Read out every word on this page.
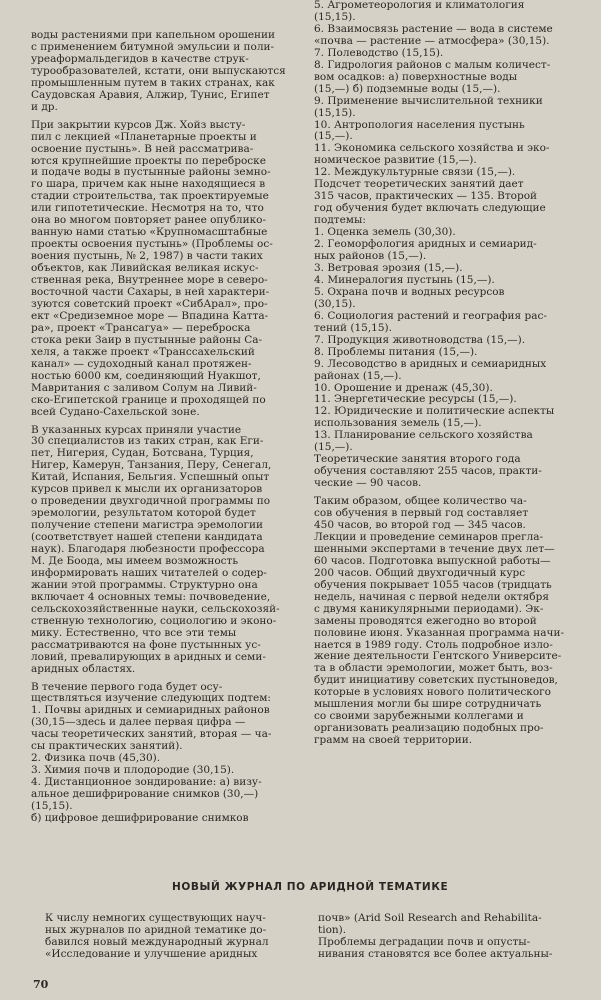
воды растениями при капельном орошении

с применением битумной эмульсии и поли-

уреаформальдегидов в качестве струк-

турообразователей, кстати, они выпускаются

промышленным путем в таких странах, как

Саудовская Аравия, Алжир, Тунис, Египет

и др.

При закрытии курсов Дж. Хойз высту-

пил с лекцией «Планетарные проекты и

освоение пустынь». В ней рассматрива-

ются крупнейшие проекты по переброске

и подаче воды в пустынные районы земно-

го шара, причем как ныне находящиеся в

стадии строительства, так проектируемые

или гипотетические. Несмотря на то, что

она во многом повторяет ранее опублико-

ванную нами статью «Крупномасштабные

проекты освоения пустынь» (Проблемы ос-

воения пустынь, № 2, 1987) в части таких

объектов, как Ливийская великая искус-

ственная река, Внутреннее море в северо-

восточной части Сахары, в ней характери-

зуются советский проект «СибАрал», про-

ект «Средиземное море — Впадина Катта-

ра», проект «Трансагуа» — переброска

стока реки Заир в пустынные районы Са-

хеля, а также проект «Транссахельский

канал» — судоходный канал протяжен-

ностью 6000 км, соединяющий Нуакшот,

Мавритания с заливом Солум на Ливий-

ско-Египетской границе и проходящей по

всей Судано-Сахельской зоне.

В указанных курсах приняли участие

30 специалистов из таких стран, как Еги-

пет, Нигерия, Судан, Ботсвана, Турция,

Нигер, Камерун, Танзания, Перу, Сенегал,

Китай, Испания, Бельгия. Успешный опыт

курсов привел к мысли их организаторов

о проведении двухгодичной программы по

эремологии, результатом которой будет

получение степени магистра эремологии

(соответствует нашей степени кандидата

наук). Благодаря любезности профессора

М. Де Боода, мы имеем возможность

информировать наших читателей о содер-

жании этой программы. Структурно она

включает 4 основных темы: почвоведение,

сельскохозяйственные науки, сельскохозяй-

ственную технологию, социологию и эконо-

мику. Естественно, что все эти темы

рассматриваются на фоне пустынных ус-

ловий, превалирующих в аридных и семи-

аридных областях.

В течение первого года будет осу-

ществляться изучение следующих подтем:

1. Почвы аридных и семиаридных районов

(30,15—здесь и далее первая цифра —

часы теоретических занятий, вторая — ча-

сы практических занятий).

2. Физика почв (45,30).

3. Химия почв и плодородие (30,15).

4. Дистанционное зондирование: а) визу-

альное дешифрирование снимков (30,—)

(15,15).

б) цифровое дешифрирование снимков

5. Агрометеорология и климатология

(15,15).

6. Взаимосвязь растение — вода в системе

«почва — растение — атмосфера» (30,15).

7. Полеводство (15,15).

8. Гидрология районов с малым количест-

вом осадков: а) поверхностные воды

(15,—) б) подземные воды (15,—).

9. Применение вычислительной техники

(15,15).

10. Антропология населения пустынь

(15,—).

11. Экономика сельского хозяйства и эко-

номическое развитие (15,—).

12. Междукультурные связи (15,—).

Подсчет теоретических занятий дает

315 часов, практических — 135. Второй

год обучения будет включать следующие

подтемы:

1. Оценка земель (30,30).

2. Геоморфология аридных и семиарид-

ных районов (15,—).

3. Ветровая эрозия (15,—).

4. Минералогия пустынь (15,—).

5. Охрана почв и водных ресурсов

(30,15).

6. Социология растений и география рас-

тений (15,15).

7. Продукция животноводства (15,—).

8. Проблемы питания (15,—).

9. Лесоводство в аридных и семиаридных

районах (15,—).

10. Орошение и дренаж (45,30).

11. Энергетические ресурсы (15,—).

12. Юридические и политические аспекты

использования земель (15,—).

13. Планирование сельского хозяйства

(15,—).

Теоретические занятия второго года

обучения составляют 255 часов, практи-

ческие — 90 часов.

Таким образом, общее количество ча-

сов обучения в первый год составляет

450 часов, во второй год — 345 часов.

Лекции и проведение семинаров прегла-

шенными экспертами в течение двух лет—

60 часов. Подготовка выпускной работы—

200 часов. Общий двухгодичный курс

обучения покрывает 1055 часов (тридцать

недель, начиная с первой недели октября

с двумя каникулярными периодами). Эк-

замены проводятся ежегодно во второй

половине июня. Указанная программа начи-

нается в 1989 году. Столь подробное изло-

жение деятельности Гентского Университе-

та в области эремологии, может быть, воз-

будит инициативу советских пустыноведов,

которые в условиях нового политического

мышления могли бы шире сотрудничать

со своими зарубежными коллегами и

организовать реализацию подобных про-

грамм на своей территории.

НОВЫЙ ЖУРНАЛ ПО АРИДНОЙ ТЕМАТИКЕ

К числу немногих существующих науч-

ных журналов по аридной тематике до-

бавился новый международный журнал

«Исследование и улучшение аридных

почв» (Arid Soil Research and Rehabilita-

tion).

Проблемы деградации почв и опусты-

нивания становятся все более актуальны-

70
